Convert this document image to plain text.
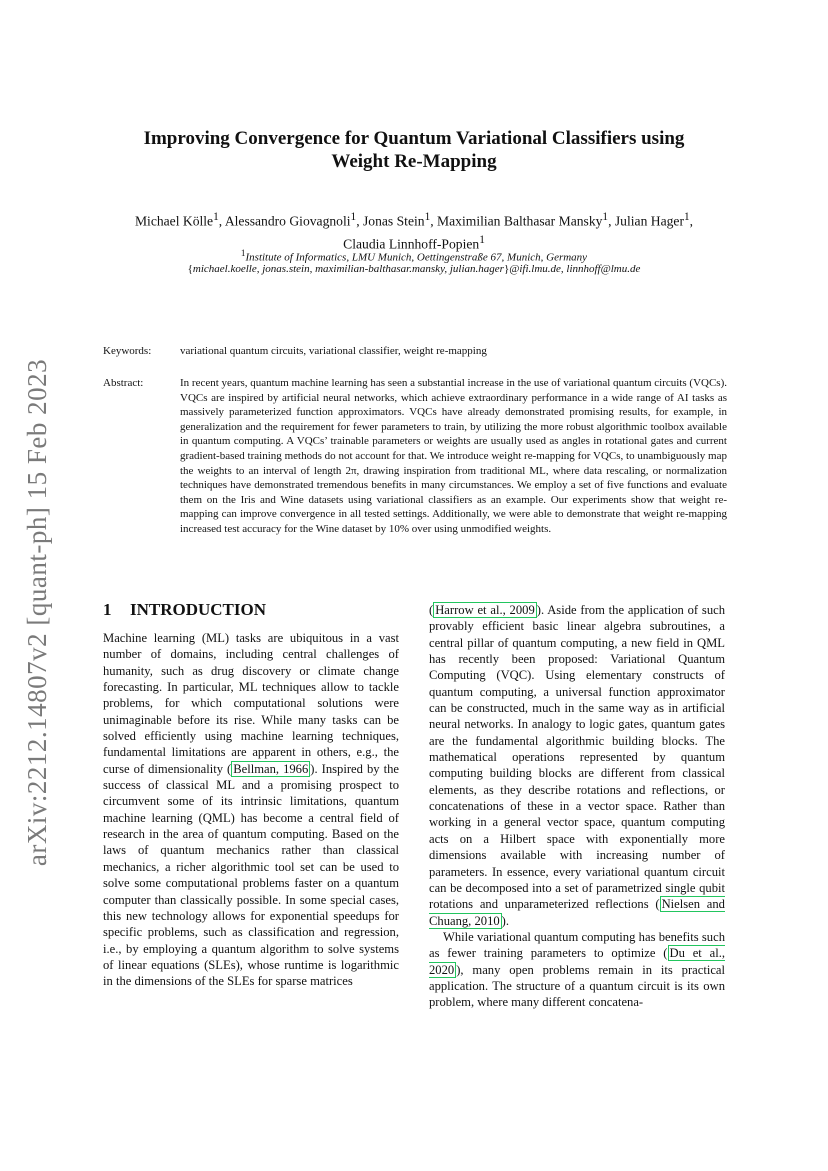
arXiv:2212.14807v2 [quant-ph] 15 Feb 2023
Improving Convergence for Quantum Variational Classifiers using
Weight Re-Mapping
Michael Kölle$^1$, Alessandro Giovagnoli$^1$, Jonas Stein$^1$, Maximilian Balthasar Mansky$^1$, Julian Hager$^1$,
Claudia Linnhoff-Popien$^1$
$^1$Institute of Informatics, LMU Munich, Oettingenstraße 67, Munich, Germany
{michael.koelle, jonas.stein, maximilian-balthasar.mansky, julian.hager}@ifi.lmu.de, linnhoff@lmu.de
Keywords:	variational quantum circuits, variational classifier, weight re-mapping
Abstract:	In recent years, quantum machine learning has seen a substantial increase in the use of variational quantum circuits (VQCs). VQCs are inspired by artificial neural networks, which achieve extraordinary performance in a wide range of AI tasks as massively parameterized function approximators. VQCs have already demonstrated promising results, for example, in generalization and the requirement for fewer parameters to train, by utilizing the more robust algorithmic toolbox available in quantum computing. A VQCs’ trainable parameters or weights are usually used as angles in rotational gates and current gradient-based training methods do not account for that. We introduce weight re-mapping for VQCs, to unambiguously map the weights to an interval of length 2π, drawing inspiration from traditional ML, where data rescaling, or normalization techniques have demonstrated tremendous benefits in many circumstances. We employ a set of five functions and evaluate them on the Iris and Wine datasets using variational classifiers as an example. Our experiments show that weight re-mapping can improve convergence in all tested settings. Additionally, we were able to demonstrate that weight re-mapping increased test accuracy for the Wine dataset by 10% over using unmodified weights.
1 INTRODUCTION

Machine learning (ML) tasks are ubiquitous in a vast number of domains, including central challenges of humanity, such as drug discovery or climate change forecasting. In particular, ML techniques allow to tackle problems, for which computational solutions were unimaginable before its rise. While many tasks can be solved efficiently using machine learning techniques, fundamental limitations are apparent in others, e.g., the curse of dimensionality ( Bellman, 1966 ). Inspired by the success of classical ML and a promising prospect to circumvent some of its intrinsic limitations, quantum machine learning (QML) has become a central field of research in the area of quantum computing. Based on the laws of quantum mechanics rather than classical mechanics, a richer algorithmic tool set can be used to solve some computational problems faster on a quantum computer than classically possible. In some special cases, this new technology allows for exponential speedups for specific problems, such as classification and regression, i.e., by employing a quantum algorithm to solve systems of linear equations (SLEs), whose runtime is logarithmic in the dimensions of the SLEs for sparse matrices

( Harrow et al., 2009 ). Aside from the application of such provably efficient basic linear algebra subroutines, a central pillar of quantum computing, a new field in QML has recently been proposed: Variational Quantum Computing (VQC). Using elementary constructs of quantum computing, a universal function approximator can be constructed, much in the same way as in artificial neural networks. In analogy to logic gates, quantum gates are the fundamental algorithmic building blocks. The mathematical operations represented by quantum computing building blocks are different from classical elements, as they describe rotations and reflections, or concatenations of these in a vector space. Rather than working in a general vector space, quantum computing acts on a Hilbert space with exponentially more dimensions available with increasing number of parameters. In essence, every variational quantum circuit can be decomposed into a set of parametrized single qubit rotations and unparameterized reflections ( Nielsen and Chuang, 2010 ).

While variational quantum computing has benefits such as fewer training parameters to optimize ( Du et al., 2020 ), many open problems remain in its practical application. The structure of a quantum circuit is its own problem, where many different concatena-
